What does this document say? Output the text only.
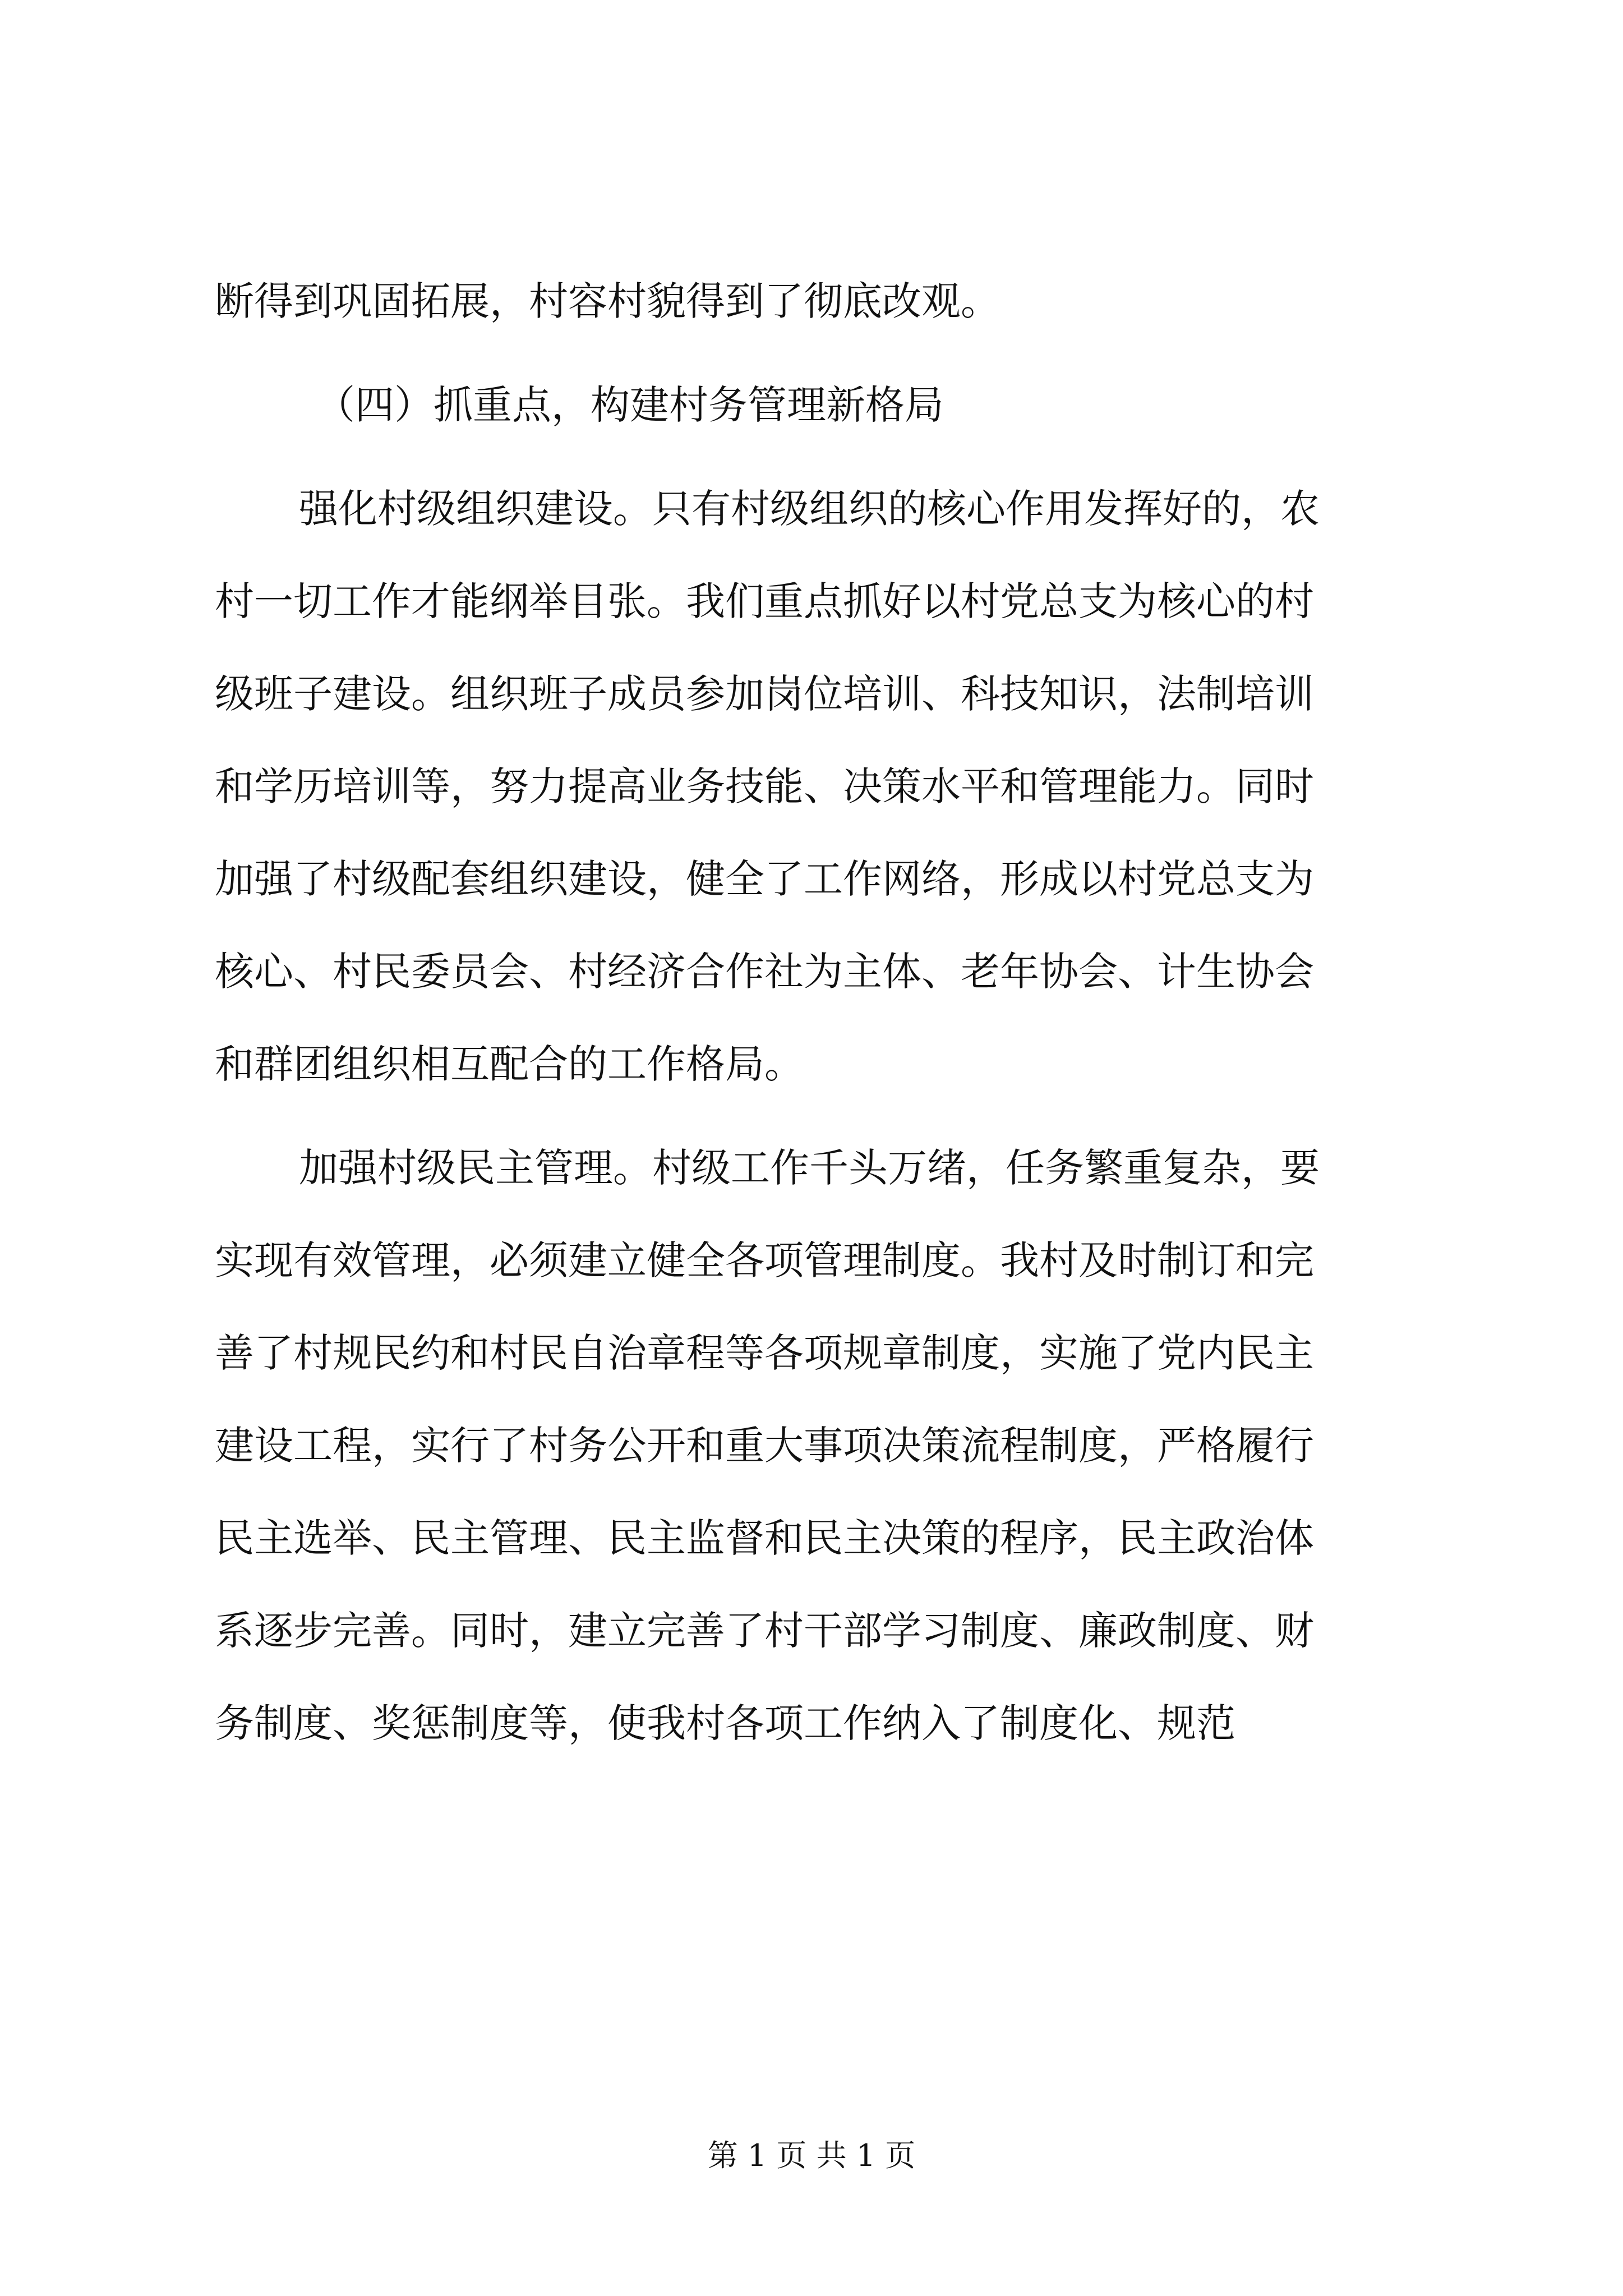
断得到巩固拓展，村容村貌得到了彻底改观。
（四）抓重点，构建村务管理新格局
强化村级组织建设。只有村级组织的核心作用发挥好的，农
村一切工作才能纲举目张。我们重点抓好以村党总支为核心的村
级班子建设。组织班子成员参加岗位培训、科技知识，法制培训
和学历培训等，努力提高业务技能、决策水平和管理能力。同时
加强了村级配套组织建设，健全了工作网络，形成以村党总支为
核心、村民委员会、村经济合作社为主体、老年协会、计生协会
和群团组织相互配合的工作格局。
加强村级民主管理。村级工作千头万绪，任务繁重复杂，要
实现有效管理，必须建立健全各项管理制度。我村及时制订和完
善了村规民约和村民自治章程等各项规章制度，实施了党内民主
建设工程，实行了村务公开和重大事项决策流程制度，严格履行
民主选举、民主管理、民主监督和民主决策的程序，民主政治体
系逐步完善。同时，建立完善了村干部学习制度、廉政制度、财
务制度、奖惩制度等，使我村各项工作纳入了制度化、规范
第 1 页 共 1 页
